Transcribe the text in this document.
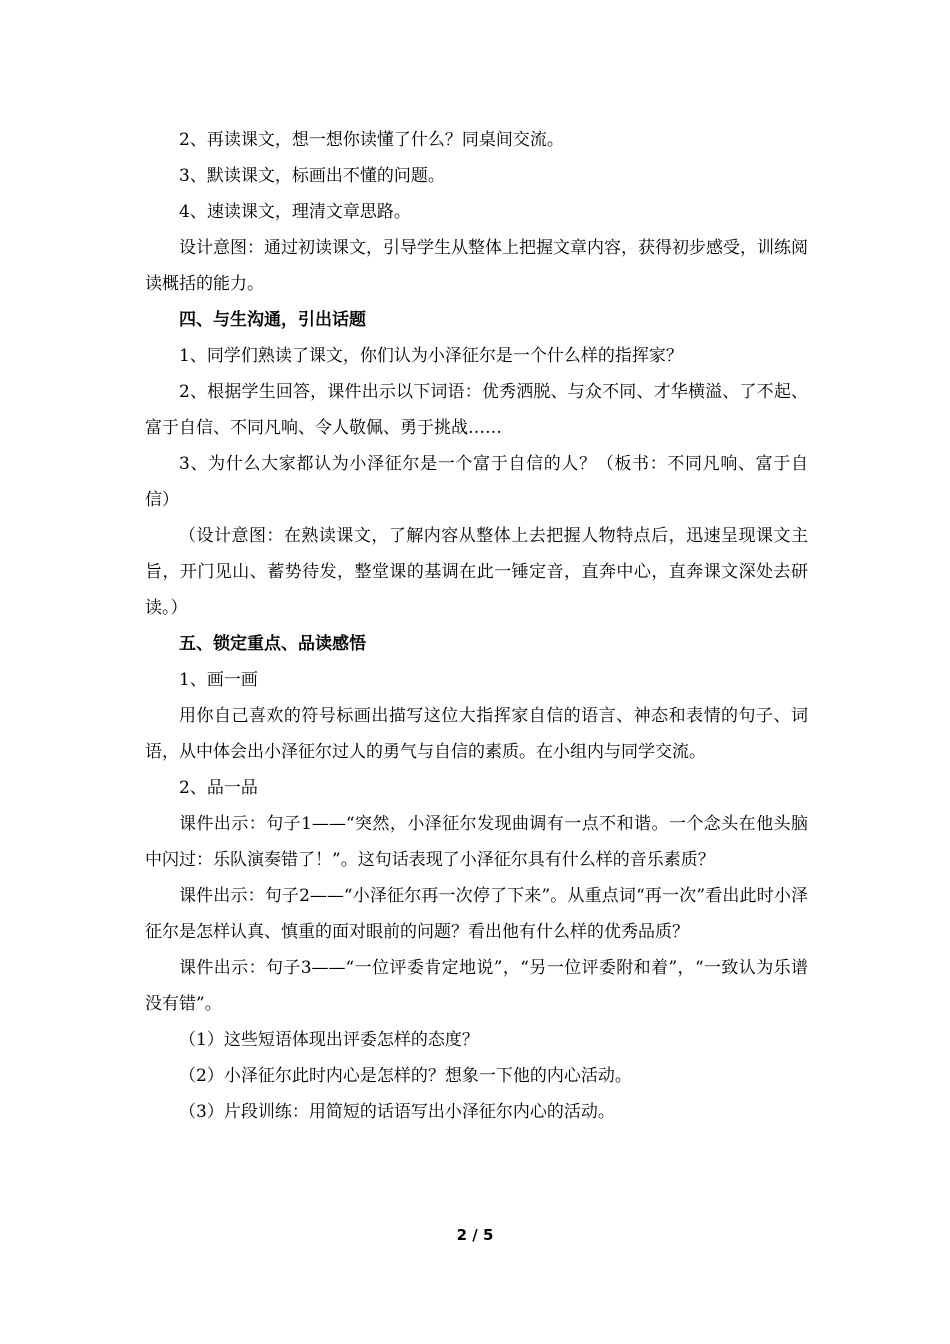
2、再读课文，想一想你读懂了什么？同桌间交流。

3、默读课文，标画出不懂的问题。

4、速读课文，理清文章思路。

设计意图：通过初读课文，引导学生从整体上把握文章内容，获得初步感受，训练阅读概括的能力。

四、与生沟通，引出话题

1、同学们熟读了课文，你们认为小泽征尔是一个什么样的指挥家？

2、根据学生回答，课件出示以下词语：优秀洒脱、与众不同、才华横溢、了不起、富于自信、不同凡响、令人敬佩、勇于挑战……

3、为什么大家都认为小泽征尔是一个富于自信的人？（板书：不同凡响、富于自信）

（设计意图：在熟读课文，了解内容从整体上去把握人物特点后，迅速呈现课文主旨，开门见山、蓄势待发，整堂课的基调在此一锤定音，直奔中心，直奔课文深处去研读。）

五、锁定重点、品读感悟

1、画一画

用你自己喜欢的符号标画出描写这位大指挥家自信的语言、神态和表情的句子、词语，从中体会出小泽征尔过人的勇气与自信的素质。在小组内与同学交流。

2、品一品

课件出示：句子1——“突然，小泽征尔发现曲调有一点不和谐。一个念头在他头脑中闪过：乐队演奏错了！”。这句话表现了小泽征尔具有什么样的音乐素质？

课件出示：句子2——“小泽征尔再一次停了下来”。从重点词“再一次”看出此时小泽征尔是怎样认真、慎重的面对眼前的问题？看出他有什么样的优秀品质？

课件出示：句子3——“一位评委肯定地说”，“另一位评委附和着”，“一致认为乐谱没有错”。

（1）这些短语体现出评委怎样的态度？

（2）小泽征尔此时内心是怎样的？想象一下他的内心活动。

（3）片段训练：用简短的话语写出小泽征尔内心的活动。

2 / 5
